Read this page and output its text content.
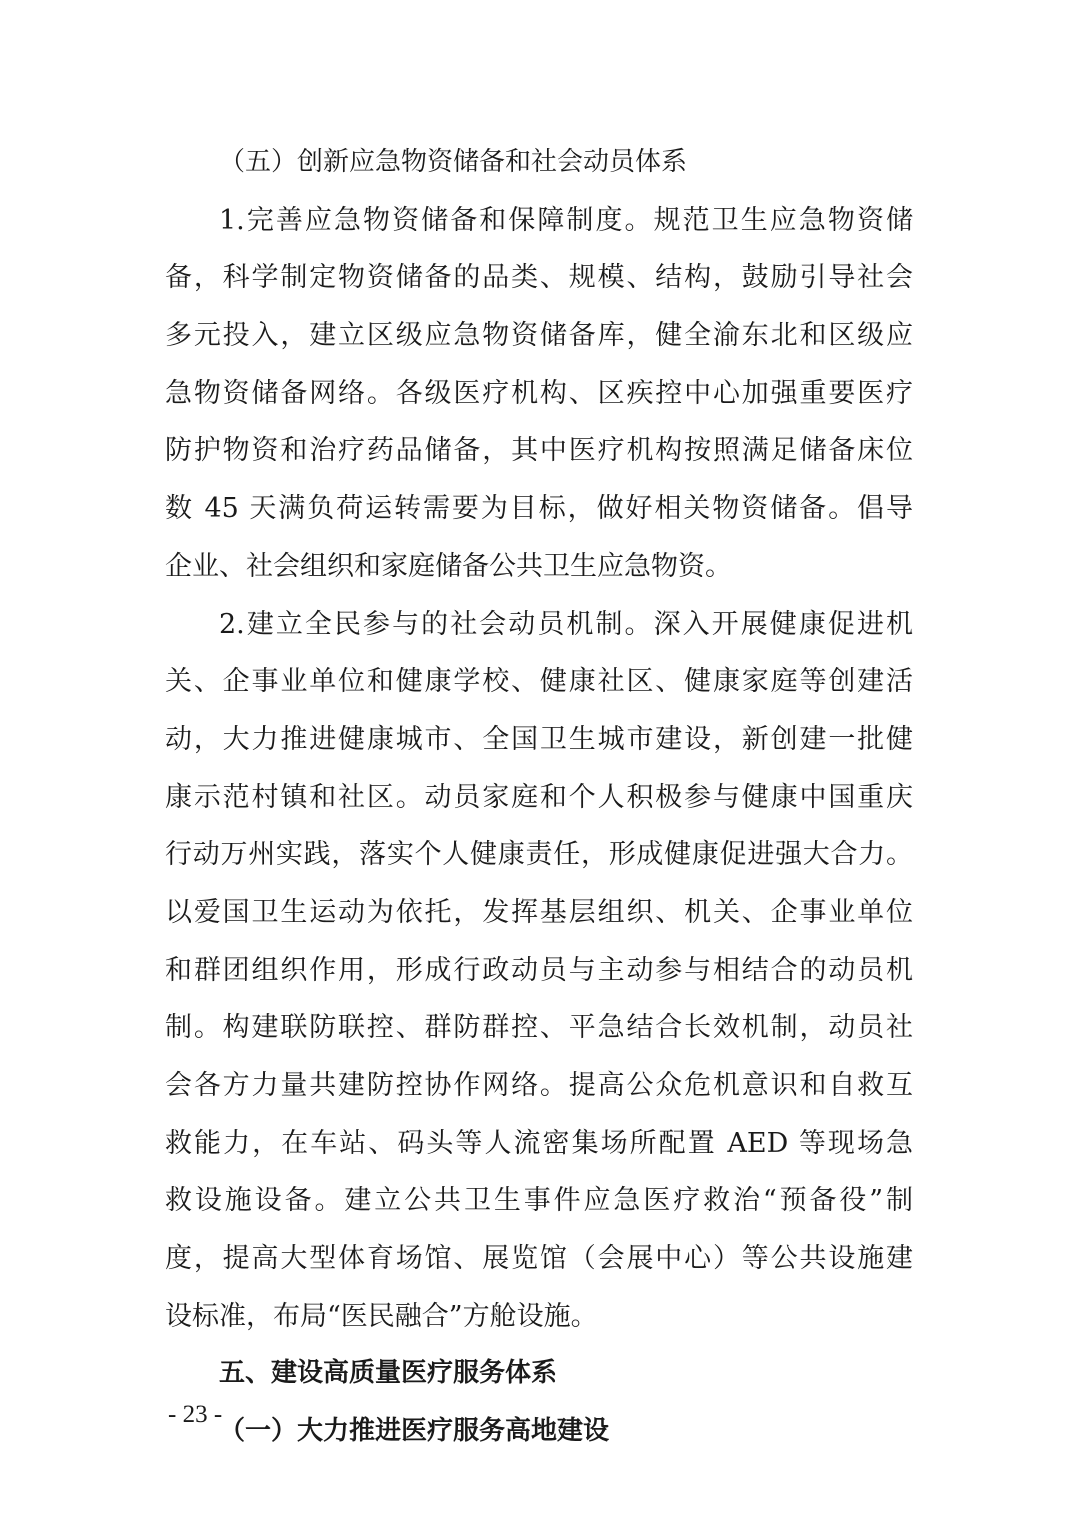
（五）创新应急物资储备和社会动员体系
1.完善应急物资储备和保障制度。规范卫生应急物资储
备，科学制定物资储备的品类、规模、结构，鼓励引导社会
多元投入，建立区级应急物资储备库，健全渝东北和区级应
急物资储备网络。各级医疗机构、区疾控中心加强重要医疗
防护物资和治疗药品储备，其中医疗机构按照满足储备床位
数 45 天满负荷运转需要为目标，做好相关物资储备。倡导
企业、社会组织和家庭储备公共卫生应急物资。
2.建立全民参与的社会动员机制。深入开展健康促进机
关、企事业单位和健康学校、健康社区、健康家庭等创建活
动，大力推进健康城市、全国卫生城市建设，新创建一批健
康示范村镇和社区。动员家庭和个人积极参与健康中国重庆
行动万州实践，落实个人健康责任，形成健康促进强大合力。
以爱国卫生运动为依托，发挥基层组织、机关、企事业单位
和群团组织作用，形成行政动员与主动参与相结合的动员机
制。构建联防联控、群防群控、平急结合长效机制，动员社
会各方力量共建防控协作网络。提高公众危机意识和自救互
救能力，在车站、码头等人流密集场所配置 AED 等现场急
救设施设备。建立公共卫生事件应急医疗救治“预备役”制
度，提高大型体育场馆、展览馆（会展中心）等公共设施建
设标准，布局“医民融合”方舱设施。
五、建设高质量医疗服务体系
（一）大力推进医疗服务高地建设
- 23 -
